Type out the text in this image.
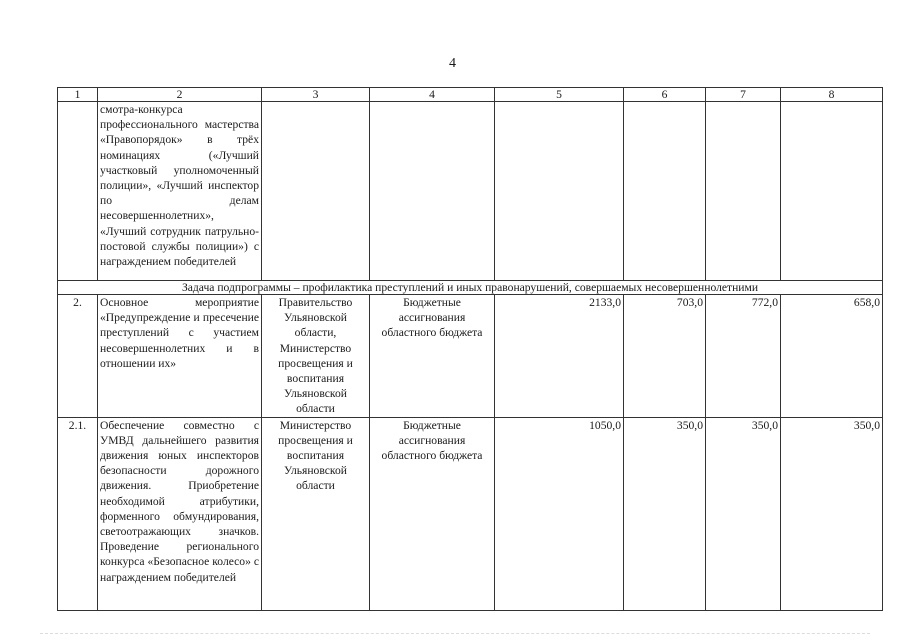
4
1	2	3	4	5	6	7	8
	смотра-конкурса профессионального мастерства «Правопорядок» в трёх номинациях («Лучший участковый уполномоченный полиции», «Лучший инспектор по делам несовершеннолетних», «Лучший сотрудник патрульно-постовой службы полиции») с награждением победителей						
Задача подпрограммы – профилактика преступлений и иных правонарушений, совершаемых несовершеннолетними							
2.	Основное мероприятие «Предупреждение и пресечение преступлений с участием несовершеннолетних и в отношении их»	Правительство Ульяновской области, Министерство просвещения и воспитания Ульяновской области	Бюджетные ассигнования областного бюджета	2133,0	703,0	772,0	658,0
2.1.	Обеспечение совместно с УМВД дальнейшего развития движения юных инспекторов безопасности дорожного движения. Приобретение необходимой атрибутики, форменного обмундирования, светоотражающих значков. Проведение регионального конкурса «Безопасное колесо» с награждением победителей	Министерство просвещения и воспитания Ульяновской области	Бюджетные ассигнования областного бюджета	1050,0	350,0	350,0	350,0
